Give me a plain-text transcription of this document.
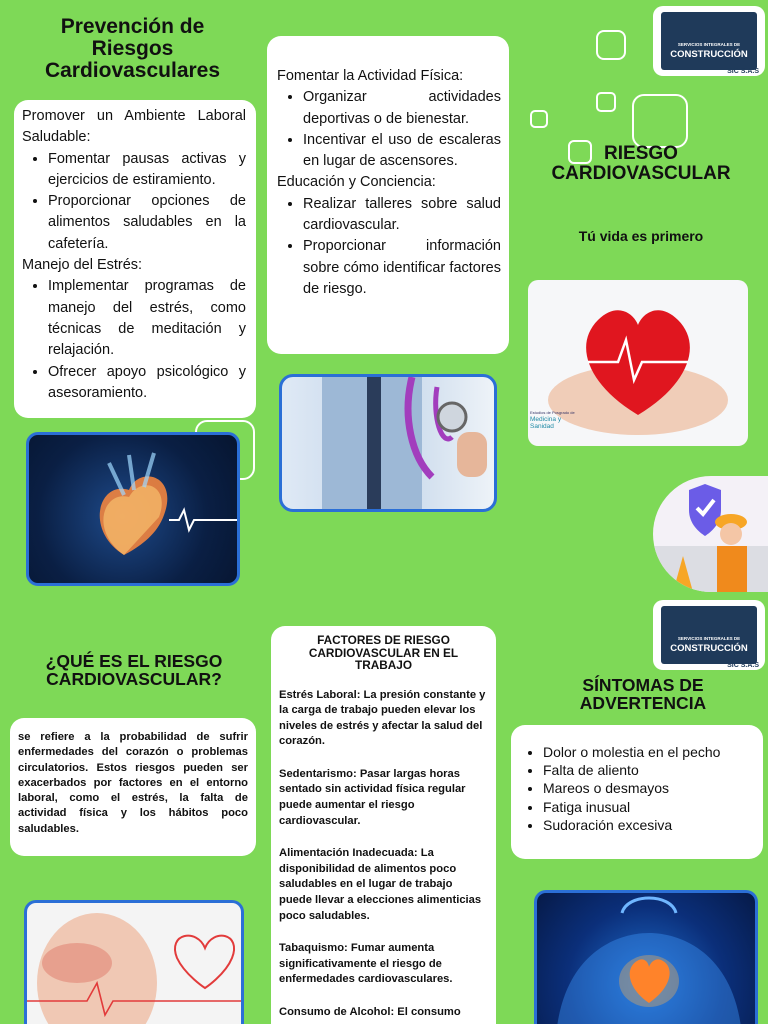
Prevención de Riesgos Cardiovasculares

Promover un Ambiente Laboral Saludable:

• Fomentar pausas activas y ejercicios de estiramiento.
• Proporcionar opciones de alimentos saludables en la cafetería.

Manejo del Estrés:

• Implementar programas de manejo del estrés, como técnicas de meditación y relajación.
• Ofrecer apoyo psicológico y asesoramiento.
¿QUÉ ES EL RIESGO CARDIOVASCULAR?

se refiere a la probabilidad de sufrir enfermedades del corazón o problemas circulatorios. Estos riesgos pueden ser exacerbados por factores en el entorno laboral, como el estrés, la falta de actividad física y los hábitos poco saludables.

Fomentar la Actividad Física:

• Organizar actividades deportivas o de bienestar.
• Incentivar el uso de escaleras en lugar de ascensores.

Educación y Conciencia:

• Realizar talleres sobre salud cardiovascular.
• Proporcionar información sobre cómo identificar factores de riesgo.
FACTORES DE RIESGO CARDIOVASCULAR EN EL TRABAJO

Estrés Laboral: La presión constante y la carga de trabajo pueden elevar los niveles de estrés y afectar la salud del corazón.

Sedentarismo: Pasar largas horas sentado sin actividad física regular puede aumentar el riesgo cardiovascular.

Alimentación Inadecuada: La disponibilidad de alimentos poco saludables en el lugar de trabajo puede llevar a elecciones alimenticias poco saludables.

Tabaquismo: Fumar aumenta significativamente el riesgo de enfermedades cardiovasculares.

Consumo de Alcohol: El consumo

SERVICIOS INTEGRALES DE
CONSTRUCCIÓN
SIC S.A.S
RIESGO CARDIOVASCULAR
Tú vida es primero
Estudios de Posgrado de
Medicina y Sanidad
SERVICIOS INTEGRALES DE
CONSTRUCCIÓN
SIC S.A.S
SÍNTOMAS DE ADVERTENCIA
• Dolor o molestia en el pecho
• Falta de aliento
• Mareos o desmayos
• Fatiga inusual
• Sudoración excesiva
